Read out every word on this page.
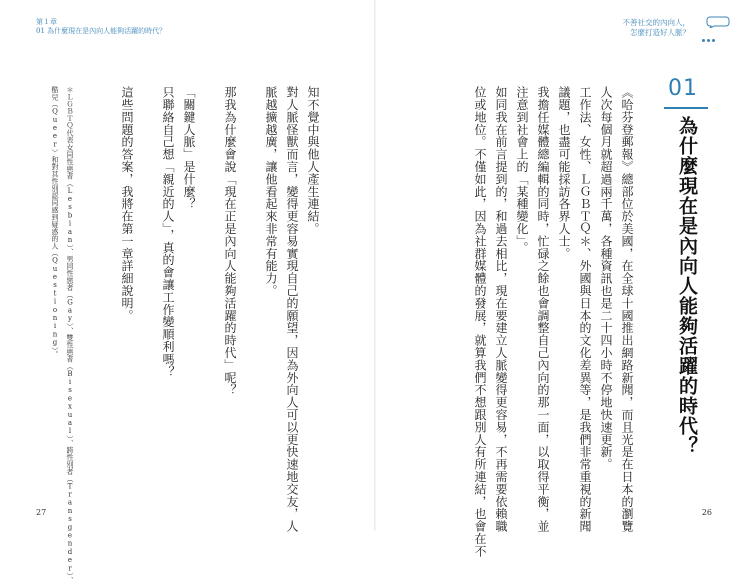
第１章
01 為什麼現在是內向人能夠活躍的時代？
知不覺中與他人產生連結。
對人脈怪獸而言，變得更容易實現自己的願望，因為外向人可以更快速地交友，人
脈越擴越廣，讓他看起來非常有能力。
那我為什麼會說「現在正是內向人能夠活躍的時代」呢？
「關鍵人脈」是什麼？
只聯絡自己想「親近的人」，真的會讓工作變順利嗎？
這些問題的答案，我將在第一章詳細說明。
＊ＬＧＢＴＱ代表女同性戀者（Lesbian）、男同性戀者（Gay）、雙性戀者（Bisexual）、跨性別者（Transgender）、
酷兒（Queer）和對其性別認同感到疑惑的人（Questioning）。
27
不善社交的內向人，
怎麼打造好人脈？
01
為什麼現在是內向人能夠活躍的時代？
《哈芬登郵報》總部位於美國，在全球十國推出網路新聞，而且光是在日本的瀏覽
人次每個月就超過兩千萬，各種資訊也是二十四小時不停地快速更新。
工作法、女性、ＬＧＢＴＱ＊、外國與日本的文化差異等，是我們非常重視的新聞
議題，也盡可能採訪各界人士。
我擔任媒體總編輯的同時，忙碌之餘也會調整自己內向的那一面，以取得平衡，並
注意到社會上的「某種變化」。
如同我在前言提到的，和過去相比，現在要建立人脈變得更容易，不再需要依賴職
位或地位。不僅如此，因為社群媒體的發展，就算我們不想跟別人有所連結，也會在不	26
